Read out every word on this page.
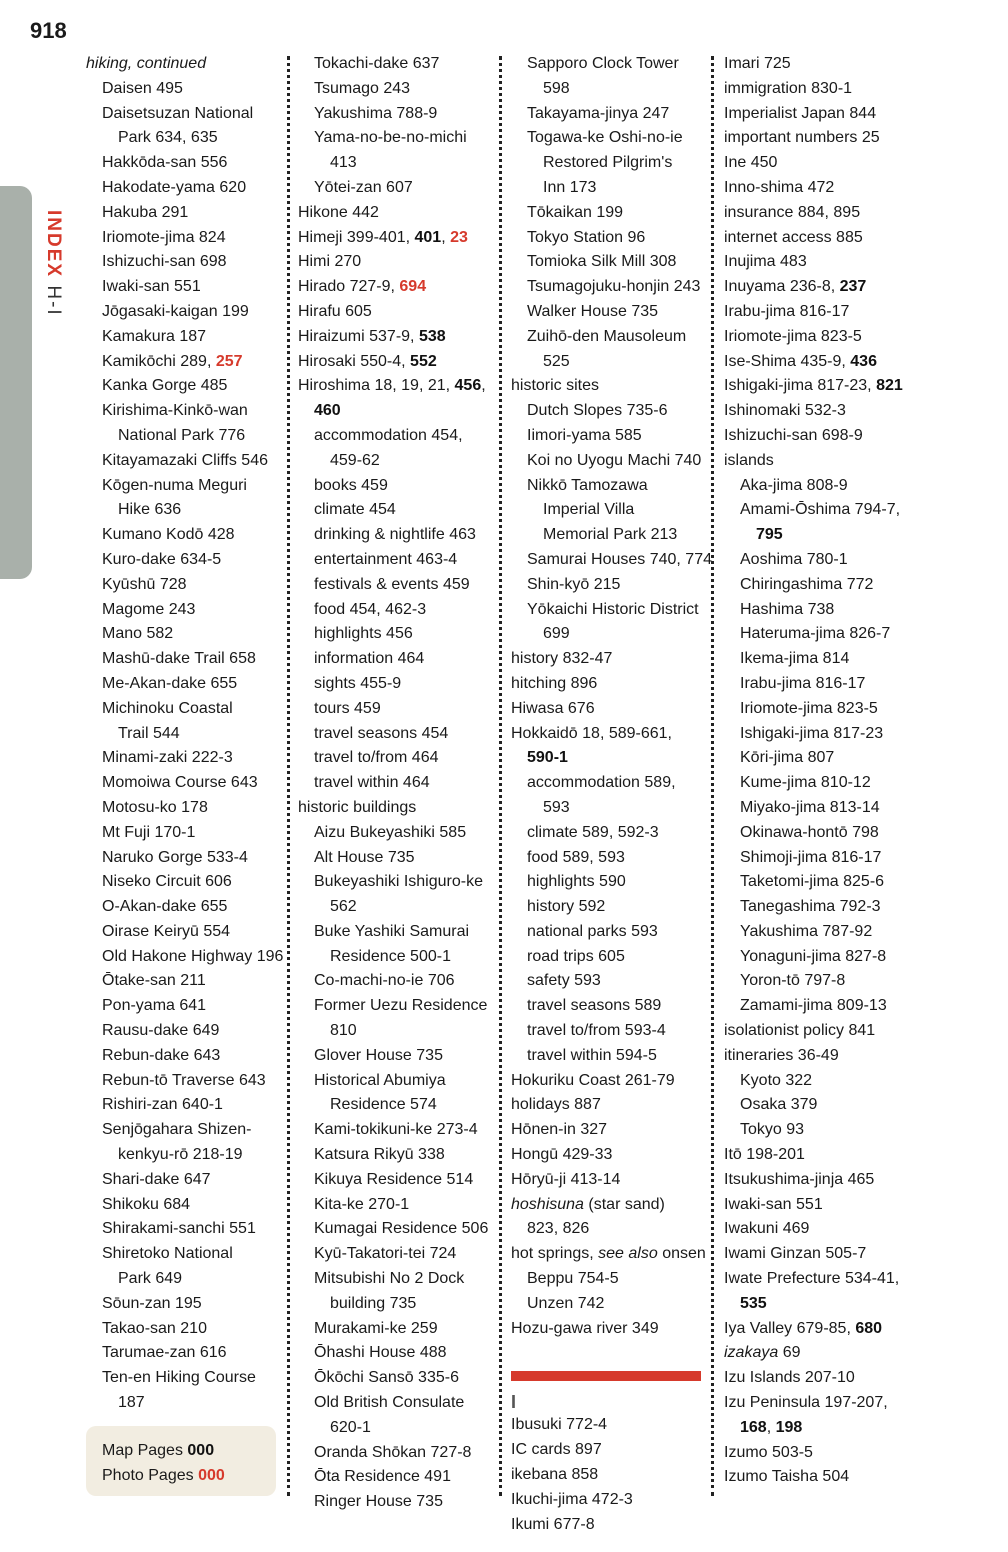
918
INDEX H-I
hiking, continued
Daisen 495
Daisetsuzan National
Park 634, 635
Hakkōda-san 556
Hakodate-yama 620
Hakuba 291
Iriomote-jima 824
Ishizuchi-san 698
Iwaki-san 551
Jōgasaki-kaigan 199
Kamakura 187
Kamikōchi 289, 257
Kanka Gorge 485
Kirishima-Kinkō-wan
National Park 776
Kitayamazaki Cliffs 546
Kōgen-numa Meguri
Hike 636
Kumano Kodō 428
Kuro-dake 634-5
Kyūshū 728
Magome 243
Mano 582
Mashū-dake Trail 658
Me-Akan-dake 655
Michinoku Coastal
Trail 544
Minami-zaki 222-3
Momoiwa Course 643
Motosu-ko 178
Mt Fuji 170-1
Naruko Gorge 533-4
Niseko Circuit 606
O-Akan-dake 655
Oirase Keiryū 554
Old Hakone Highway 196
Ōtake-san 211
Pon-yama 641
Rausu-dake 649
Rebun-dake 643
Rebun-tō Traverse 643
Rishiri-zan 640-1
Senjōgahara Shizen-
kenkyu-rō 218-19
Shari-dake 647
Shikoku 684
Shirakami-sanchi 551
Shiretoko National
Park 649
Sōun-zan 195
Takao-san 210
Tarumae-zan 616
Ten-en Hiking Course
187
Tokachi-dake 637
Tsumago 243
Yakushima 788-9
Yama-no-be-no-michi
413
Yōtei-zan 607
Hikone 442
Himeji 399-401, 401, 23
Himi 270
Hirado 727-9, 694
Hirafu 605
Hiraizumi 537-9, 538
Hirosaki 550-4, 552
Hiroshima 18, 19, 21, 456,
460
accommodation 454,
459-62
books 459
climate 454
drinking & nightlife 463
entertainment 463-4
festivals & events 459
food 454, 462-3
highlights 456
information 464
sights 455-9
tours 459
travel seasons 454
travel to/from 464
travel within 464
historic buildings
Aizu Bukeyashiki 585
Alt House 735
Bukeyashiki Ishiguro-ke
562
Buke Yashiki Samurai
Residence 500-1
Co-machi-no-ie 706
Former Uezu Residence
810
Glover House 735
Historical Abumiya
Residence 574
Kami-tokikuni-ke 273-4
Katsura Rikyū 338
Kikuya Residence 514
Kita-ke 270-1
Kumagai Residence 506
Kyū-Takatori-tei 724
Mitsubishi No 2 Dock
building 735
Murakami-ke 259
Ōhashi House 488
Ōkōchi Sansō 335-6
Old British Consulate
620-1
Oranda Shōkan 727-8
Ōta Residence 491
Ringer House 735
Sapporo Clock Tower
598
Takayama-jinya 247
Togawa-ke Oshi-no-ie
Restored Pilgrim's
Inn 173
Tōkaikan 199
Tokyo Station 96
Tomioka Silk Mill 308
Tsumagojuku-honjin 243
Walker House 735
Zuihō-den Mausoleum
525
historic sites
Dutch Slopes 735-6
Iimori-yama 585
Koi no Uyogu Machi 740
Nikkō Tamozawa
Imperial Villa
Memorial Park 213
Samurai Houses 740, 774
Shin-kyō 215
Yōkaichi Historic District
699
history 832-47
hitching 896
Hiwasa 676
Hokkaidō 18, 589-661,
590-1
accommodation 589,
593
climate 589, 592-3
food 589, 593
highlights 590
history 592
national parks 593
road trips 605
safety 593
travel seasons 589
travel to/from 593-4
travel within 594-5
Hokuriku Coast 261-79
holidays 887
Hōnen-in 327
Hongū 429-33
Hōryū-ji 413-14
hoshisuna (star sand)
823, 826
hot springs, see also onsen
Beppu 754-5
Unzen 742
Hozu-gawa river 349
I
Ibusuki 772-4
IC cards 897
ikebana 858
Ikuchi-jima 472-3
Ikumi 677-8
Imari 725
immigration 830-1
Imperialist Japan 844
important numbers 25
Ine 450
Inno-shima 472
insurance 884, 895
internet access 885
Inujima 483
Inuyama 236-8, 237
Irabu-jima 816-17
Iriomote-jima 823-5
Ise-Shima 435-9, 436
Ishigaki-jima 817-23, 821
Ishinomaki 532-3
Ishizuchi-san 698-9
islands
Aka-jima 808-9
Amami-Ōshima 794-7,
795
Aoshima 780-1
Chiringashima 772
Hashima 738
Hateruma-jima 826-7
Ikema-jima 814
Irabu-jima 816-17
Iriomote-jima 823-5
Ishigaki-jima 817-23
Kōri-jima 807
Kume-jima 810-12
Miyako-jima 813-14
Okinawa-hontō 798
Shimoji-jima 816-17
Taketomi-jima 825-6
Tanegashima 792-3
Yakushima 787-92
Yonaguni-jima 827-8
Yoron-tō 797-8
Zamami-jima 809-13
isolationist policy 841
itineraries 36-49
Kyoto 322
Osaka 379
Tokyo 93
Itō 198-201
Itsukushima-jinja 465
Iwaki-san 551
Iwakuni 469
Iwami Ginzan 505-7
Iwate Prefecture 534-41,
535
Iya Valley 679-85, 680
izakaya 69
Izu Islands 207-10
Izu Peninsula 197-207,
168, 198
Izumo 503-5
Izumo Taisha 504
Map Pages 000
Photo Pages 000
